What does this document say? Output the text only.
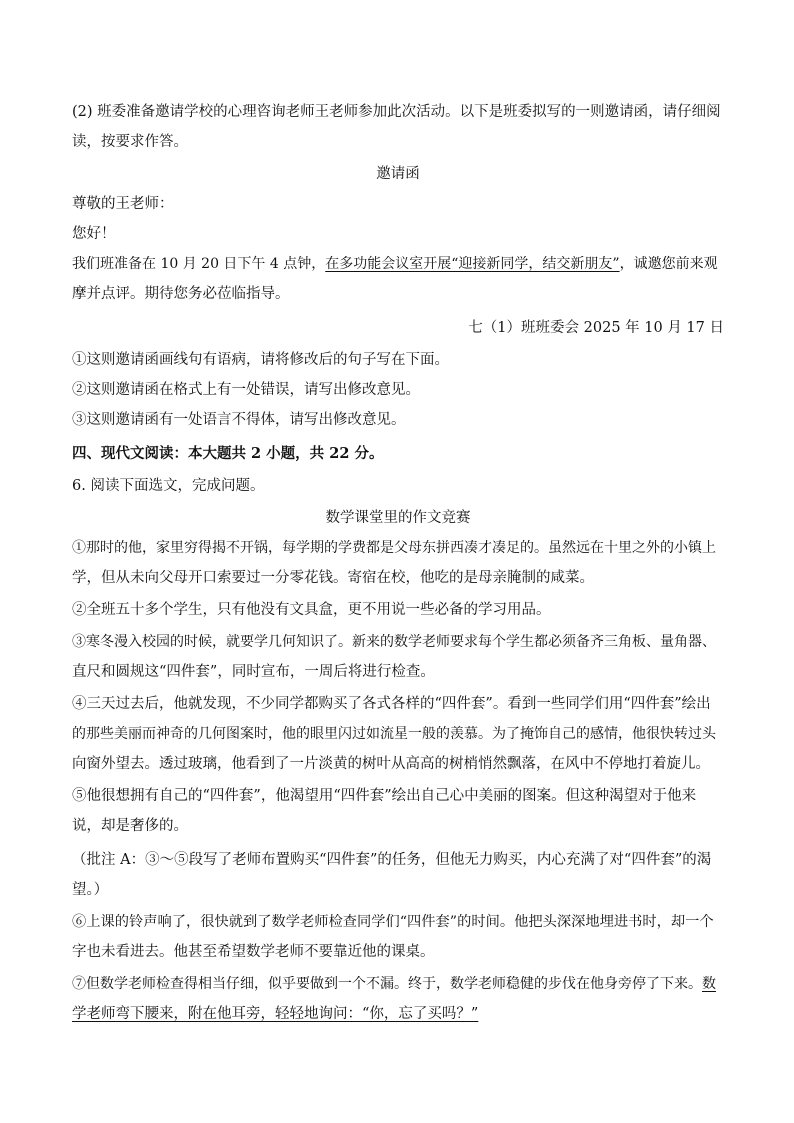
(2) 班委准备邀请学校的心理咨询老师王老师参加此次活动。以下是班委拟写的一则邀请函，请仔细阅
读，按要求作答。
邀请函
尊敬的王老师：
您好！
我们班准备在 10 月 20 日下午 4 点钟，在多功能会议室开展“迎接新同学，结交新朋友”，诚邀您前来观
摩并点评。期待您务必莅临指导。
七（1）班班委会 2025 年 10 月 17 日
①这则邀请函画线句有语病，请将修改后的句子写在下面。
②这则邀请函在格式上有一处错误，请写出修改意见。
③这则邀请函有一处语言不得体，请写出修改意见。
四、现代文阅读：本大题共 2 小题，共 22 分。
6. 阅读下面选文，完成问题。
数学课堂里的作文竞赛
①那时的他，家里穷得揭不开锅，每学期的学费都是父母东拼西凑才凑足的。虽然远在十里之外的小镇上
学，但从未向父母开口索要过一分零花钱。寄宿在校，他吃的是母亲腌制的咸菜。
②全班五十多个学生，只有他没有文具盒，更不用说一些必备的学习用品。
③寒冬漫入校园的时候，就要学几何知识了。新来的数学老师要求每个学生都必须备齐三角板、量角器、
直尺和圆规这“四件套”，同时宣布，一周后将进行检查。
④三天过去后，他就发现，不少同学都购买了各式各样的“四件套”。看到一些同学们用“四件套”绘出
的那些美丽而神奇的几何图案时，他的眼里闪过如流星一般的羡慕。为了掩饰自己的感情，他很快转过头
向窗外望去。透过玻璃，他看到了一片淡黄的树叶从高高的树梢悄然飘落，在风中不停地打着旋儿。
⑤他很想拥有自己的“四件套”，他渴望用“四件套”绘出自己心中美丽的图案。但这种渴望对于他来
说，却是奢侈的。
（批注 A：③～⑤段写了老师布置购买“四件套”的任务，但他无力购买，内心充满了对“四件套”的渴
望。）
⑥上课的铃声响了，很快就到了数学老师检查同学们“四件套”的时间。他把头深深地埋进书时，却一个
字也未看进去。他甚至希望数学老师不要靠近他的课桌。
⑦但数学老师检查得相当仔细，似乎要做到一个不漏。终于，数学老师稳健的步伐在他身旁停了下来。数
学老师弯下腰来，附在他耳旁，轻轻地询问：“你，忘了买吗？”
